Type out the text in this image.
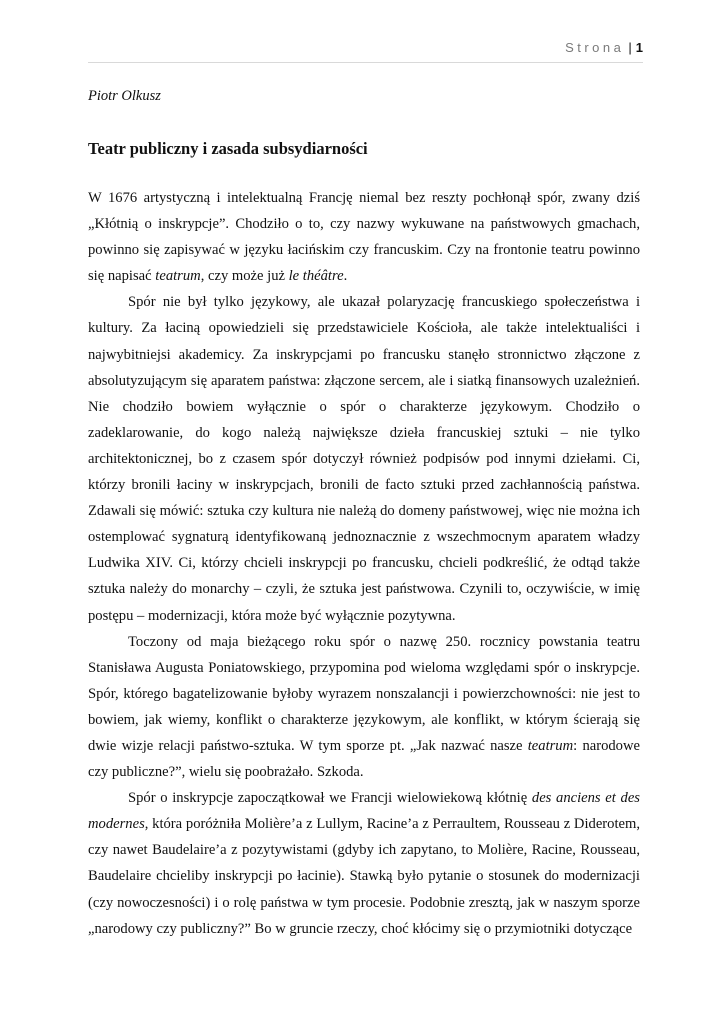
Strona | 1
Piotr Olkusz
Teatr publiczny i zasada subsydiarności

W 1676 artystyczną i intelektualną Francję niemal bez reszty pochłonął spór, zwany dziś „Kłótnią o inskrypcje”. Chodziło o to, czy nazwy wykuwane na państwowych gmachach, powinno się zapisywać w języku łacińskim czy francuskim. Czy na frontonie teatru powinno się napisać teatrum, czy może już le théâtre.

Spór nie był tylko językowy, ale ukazał polaryzację francuskiego społeczeństwa i kultury. Za łaciną opowiedzieli się przedstawiciele Kościoła, ale także intelektualiści i najwybitniejsi akademicy. Za inskrypcjami po francusku stanęło stronnictwo złączone z absolutyzującym się aparatem państwa: złączone sercem, ale i siatką finansowych uzależnień. Nie chodziło bowiem wyłącznie o spór o charakterze językowym. Chodziło o zadeklarowanie, do kogo należą największe dzieła francuskiej sztuki – nie tylko architektonicznej, bo z czasem spór dotyczył również podpisów pod innymi dziełami. Ci, którzy bronili łaciny w inskrypcjach, bronili de facto sztuki przed zachłannością państwa. Zdawali się mówić: sztuka czy kultura nie należą do domeny państwowej, więc nie można ich ostemplować sygnaturą identyfikowaną jednoznacznie z wszechmocnym aparatem władzy Ludwika XIV. Ci, którzy chcieli inskrypcji po francusku, chcieli podkreślić, że odtąd także sztuka należy do monarchy – czyli, że sztuka jest państwowa. Czynili to, oczywiście, w imię postępu – modernizacji, która może być wyłącznie pozytywna.

Toczony od maja bieżącego roku spór o nazwę 250. rocznicy powstania teatru Stanisława Augusta Poniatowskiego, przypomina pod wieloma względami spór o inskrypcje. Spór, którego bagatelizowanie byłoby wyrazem nonszalancji i powierzchowności: nie jest to bowiem, jak wiemy, konflikt o charakterze językowym, ale konflikt, w którym ścierają się dwie wizje relacji państwo-sztuka. W tym sporze pt. „Jak nazwać nasze teatrum: narodowe czy publiczne?”, wielu się poobrażało. Szkoda.

Spór o inskrypcje zapoczątkował we Francji wielowiekową kłótnię des anciens et des modernes, która poróżniła Molière’a z Lullym, Racine’a z Perraultem, Rousseau z Diderotem, czy nawet Baudelaire’a z pozytywistami (gdyby ich zapytano, to Molière, Racine, Rousseau, Baudelaire chcieliby inskrypcji po łacinie). Stawką było pytanie o stosunek do modernizacji (czy nowoczesności) i o rolę państwa w tym procesie. Podobnie zresztą, jak w naszym sporze „narodowy czy publiczny?” Bo w gruncie rzeczy, choć kłócimy się o przymiotniki dotyczące
